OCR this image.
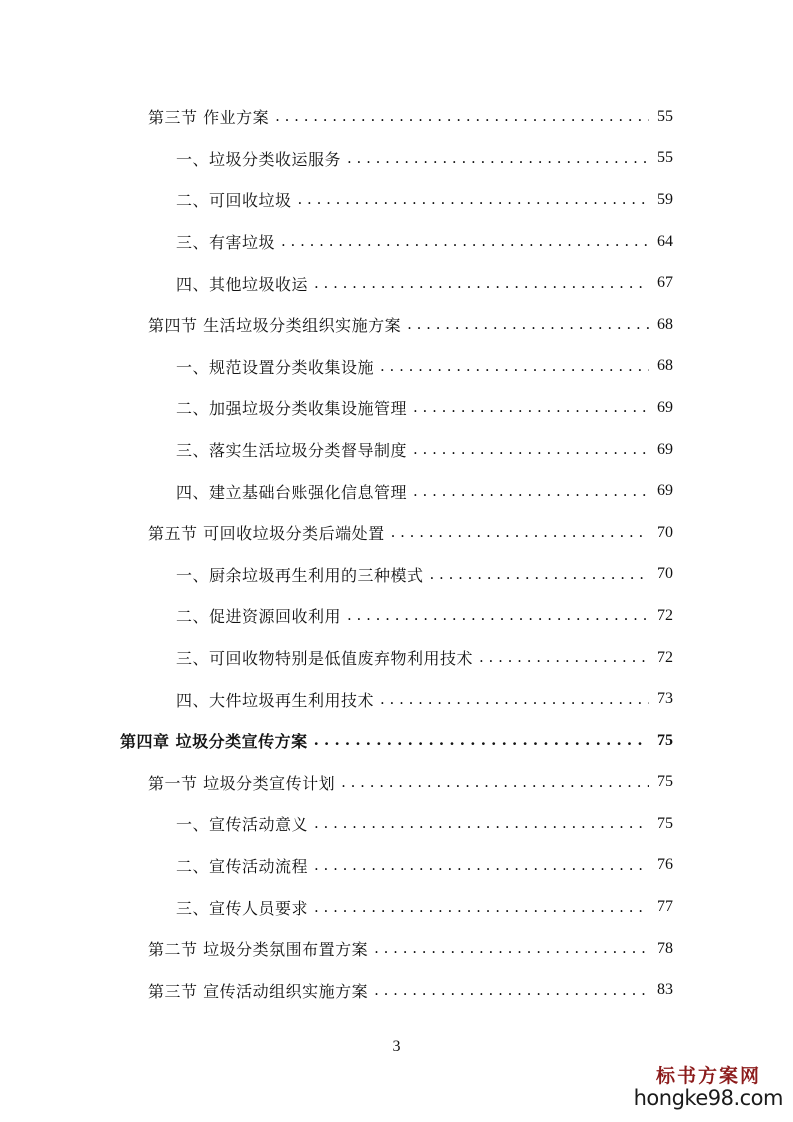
第三节 作业方案 . . .	55
一、垃圾分类收运服务 . . .	55
二、可回收垃圾 . . .	59
三、有害垃圾 . . .	64
四、其他垃圾收运 . . .	67
第四节 生活垃圾分类组织实施方案 . . .	68
一、规范设置分类收集设施 . . .	68
二、加强垃圾分类收集设施管理 . . .	69
三、落实生活垃圾分类督导制度 . . .	69
四、建立基础台账强化信息管理 . . .	69
第五节 可回收垃圾分类后端处置 . . .	70
一、厨余垃圾再生利用的三种模式 . . .	70
二、促进资源回收利用 . . .	72
三、可回收物特别是低值废弃物利用技术 . . .	72
四、大件垃圾再生利用技术 . . .	73
第四章 垃圾分类宣传方案 . . .	75
第一节 垃圾分类宣传计划 . . .	75
一、宣传活动意义 . . .	75
二、宣传活动流程 . . .	76
三、宣传人员要求 . . .	77
第二节 垃圾分类氛围布置方案 . . .	78
第三节 宣传活动组织实施方案 . . .	83
3
标书方案网
hongke98.com
